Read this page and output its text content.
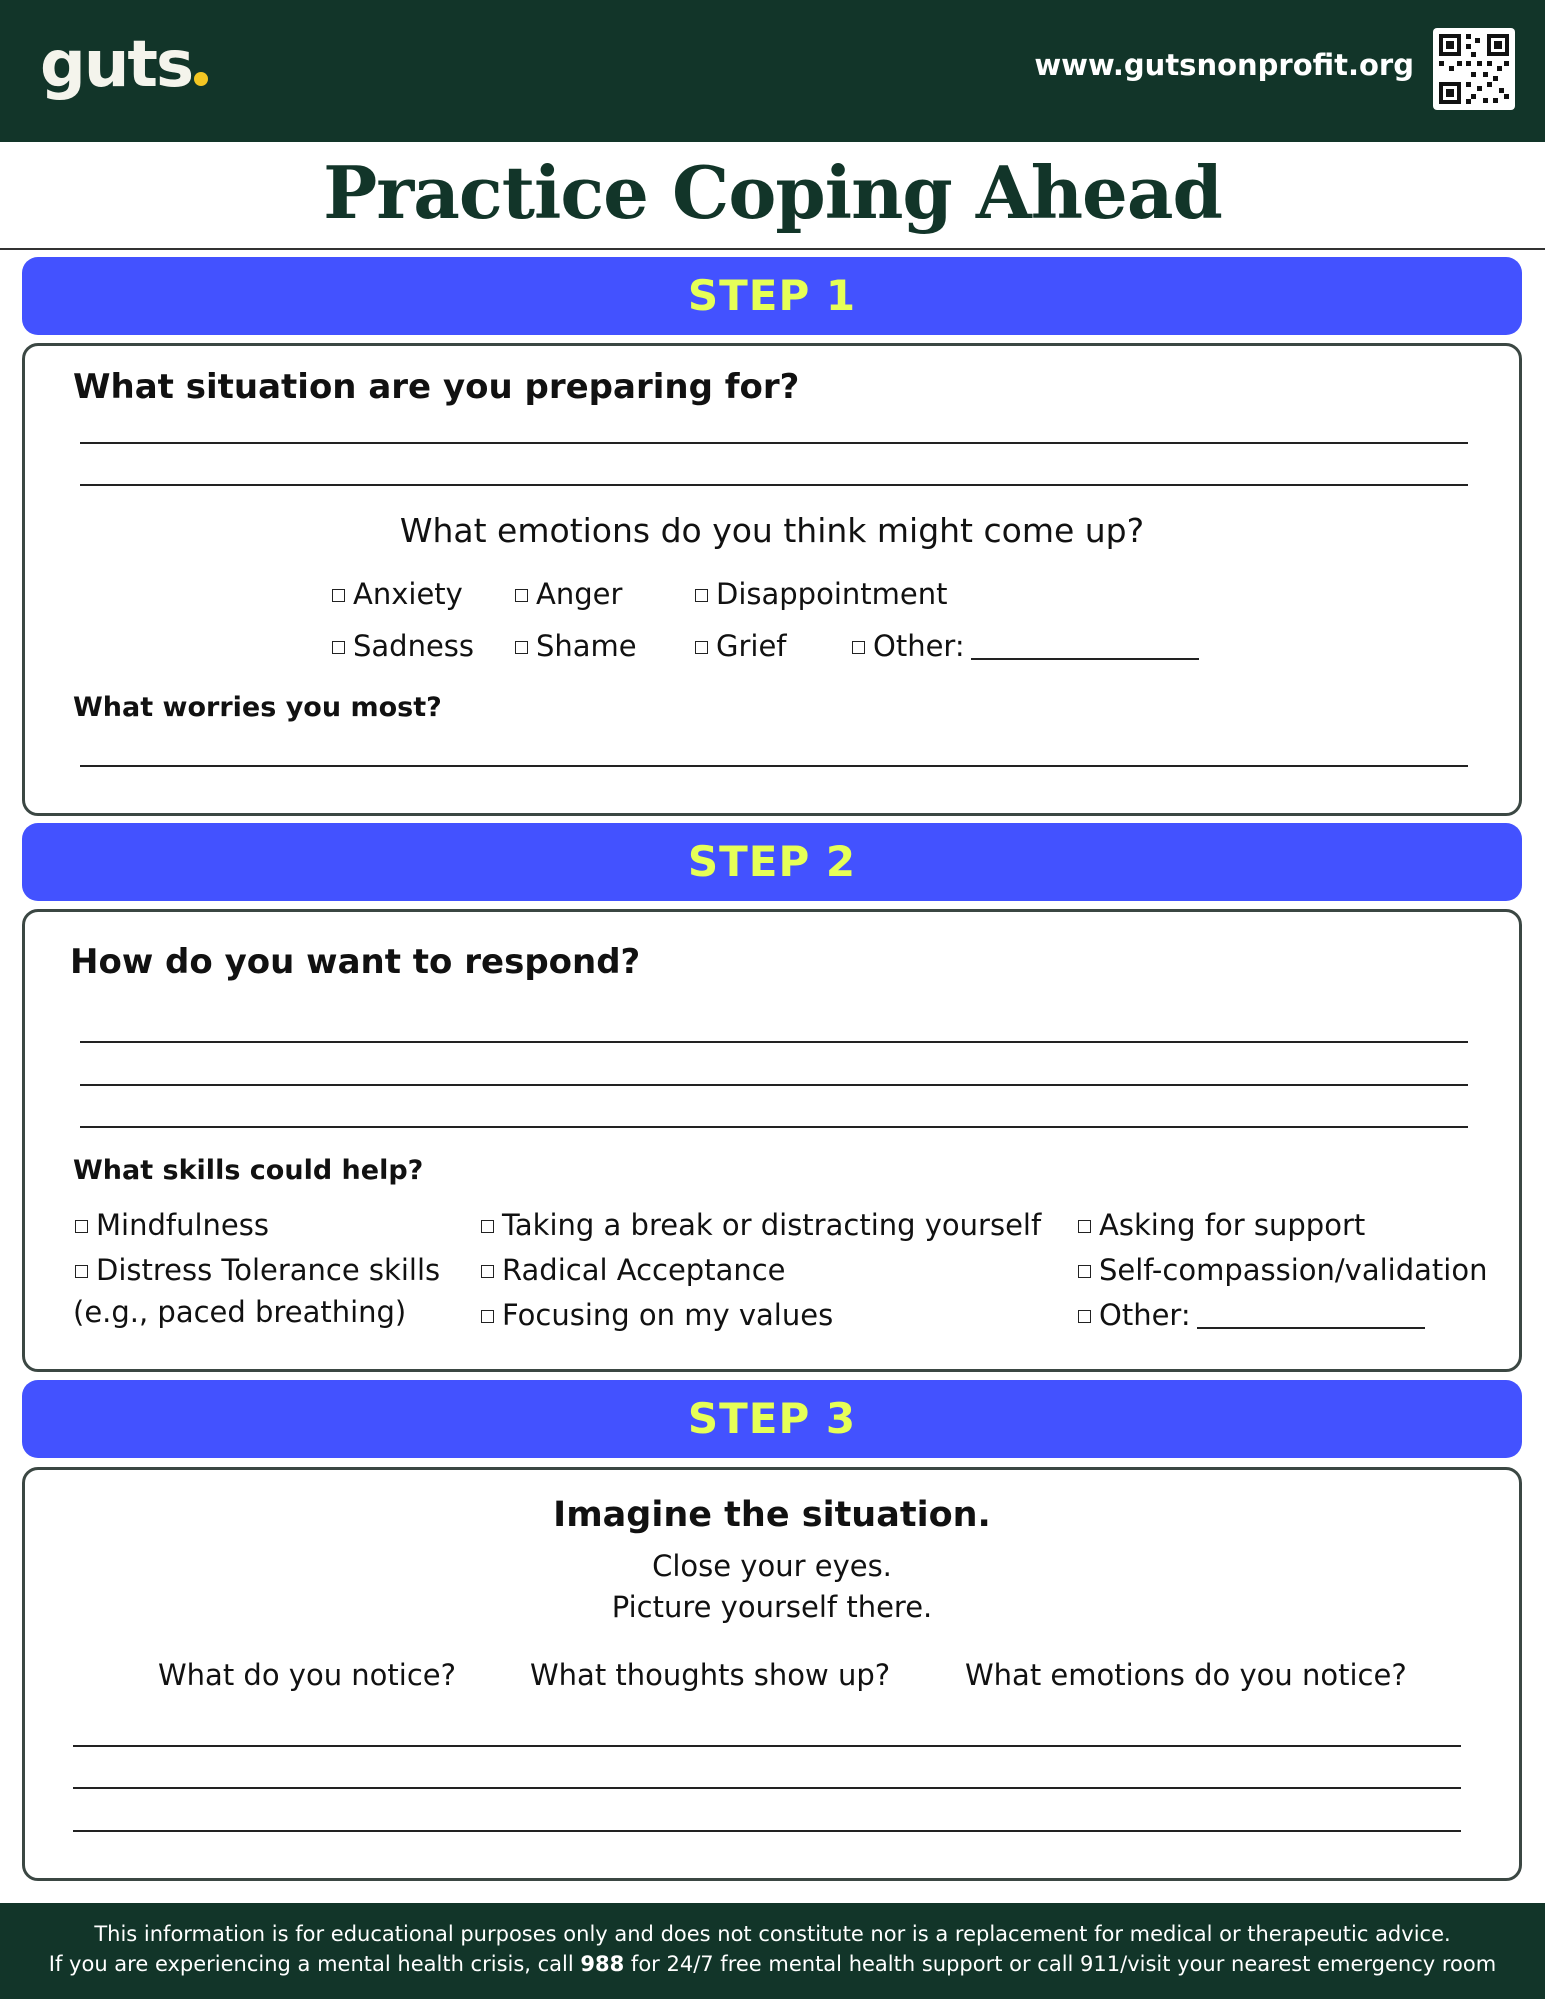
guts	www.gutsnonprofit.org
Practice Coping Ahead
STEP 1
What situation are you preparing for?
What emotions do you think might come up?
Anxiety	Anger	Disappointment
Sadness	Shame	Grief	Other:
What worries you most?
STEP 2
How do you want to respond?
What skills could help?
Mindfulness
Distress Tolerance skills
(e.g., paced breathing)
Taking a break or distracting yourself
Radical Acceptance
Focusing on my values
Asking for support
Self-compassion/validation
Other:
STEP 3
Imagine the situation.
Close your eyes.
Picture yourself there.
What do you notice?	What thoughts show up?	What emotions do you notice?
This information is for educational purposes only and does not constitute nor is a replacement for medical or therapeutic advice.
If you are experiencing a mental health crisis, call 988 for 24/7 free mental health support or call 911/visit your nearest emergency room
